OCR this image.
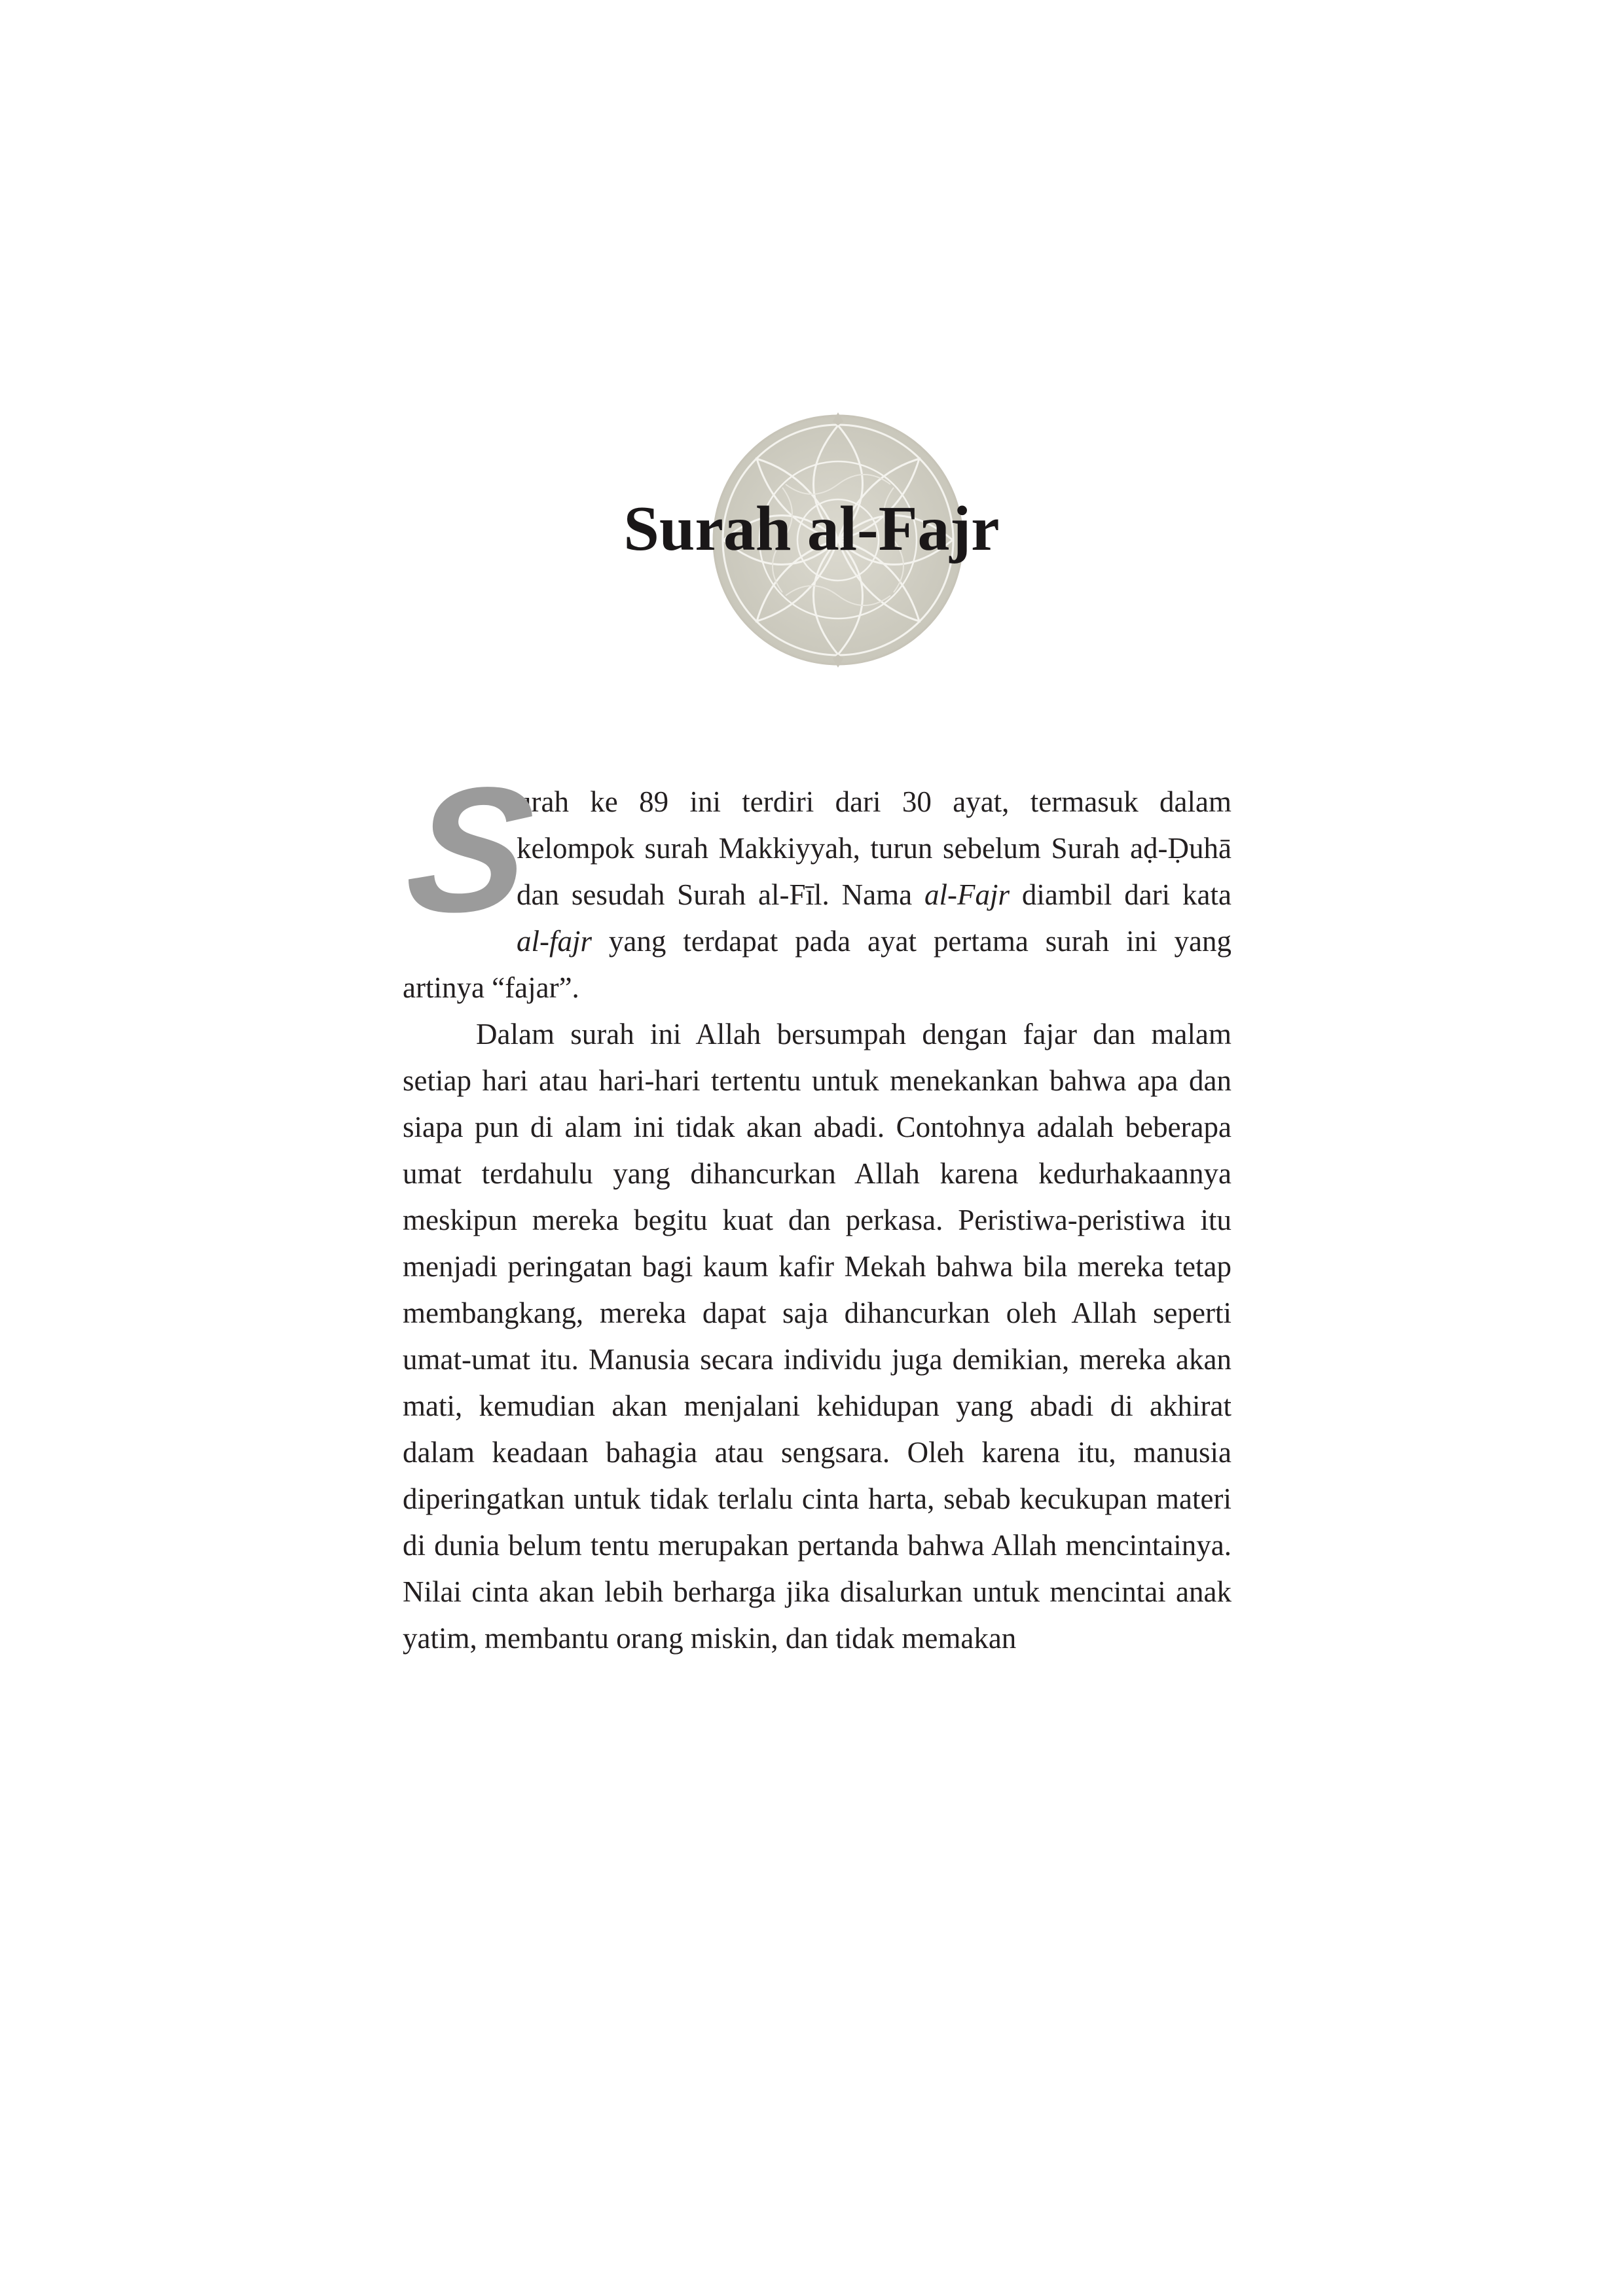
Surah al-Fajr

S
urah ke 89 ini terdiri dari 30 ayat, termasuk dalam kelompok surah Makkiyyah, turun sebelum Surah aḍ-Ḍuhā dan sesudah Surah al-Fīl. Nama al-Fajr diambil dari kata al-fajr yang terdapat pada ayat pertama surah ini yang artinya “fajar”.

Dalam surah ini Allah bersumpah dengan fajar dan malam setiap hari atau hari-hari tertentu untuk menekankan bahwa apa dan siapa pun di alam ini tidak akan abadi. Contohnya adalah beberapa umat terdahulu yang dihancurkan Allah karena kedurhakaannya meskipun mereka begitu kuat dan perkasa. Peristiwa-peristiwa itu menjadi peringatan bagi kaum kafir Mekah bahwa bila mereka tetap membangkang, mereka dapat saja dihancurkan oleh Allah seperti umat-umat itu. Manusia secara individu juga demikian, mereka akan mati, kemudian akan menjalani kehidupan yang abadi di akhirat dalam keadaan bahagia atau sengsara. Oleh karena itu, manusia diperingatkan untuk tidak terlalu cinta harta, sebab kecukupan materi di dunia belum tentu merupakan pertanda bahwa Allah mencintainya. Nilai cinta akan lebih berharga jika disalurkan untuk mencintai anak yatim, membantu orang miskin, dan tidak memakan
